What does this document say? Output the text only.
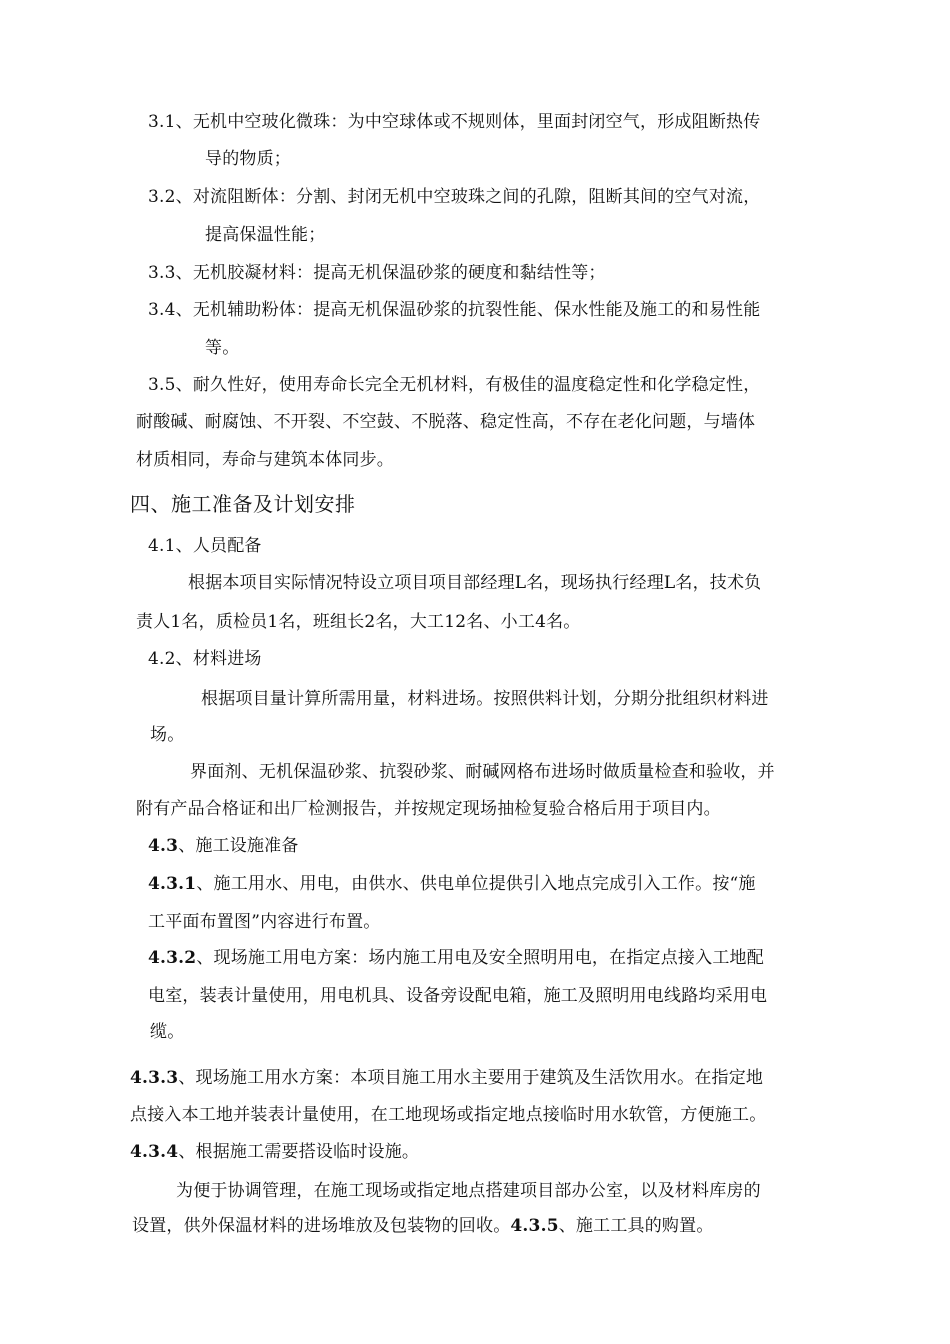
3.1、无机中空玻化微珠：为中空球体或不规则体，里面封闭空气，形成阻断热传
导的物质；
3.2、对流阻断体：分割、封闭无机中空玻珠之间的孔隙，阻断其间的空气对流，
提高保温性能；
3.3、无机胶凝材料：提高无机保温砂浆的硬度和黏结性等；
3.4、无机辅助粉体：提高无机保温砂浆的抗裂性能、保水性能及施工的和易性能
等。
3.5、耐久性好，使用寿命长完全无机材料，有极佳的温度稳定性和化学稳定性，
耐酸碱、耐腐蚀、不开裂、不空鼓、不脱落、稳定性高，不存在老化问题，与墙体
材质相同，寿命与建筑本体同步。
四、施工准备及计划安排
4.1、人员配备
根据本项目实际情况特设立项目项目部经理L名，现场执行经理L名，技术负
责人1名，质检员1名，班组长2名，大工12名、小工4名。
4.2、材料进场
根据项目量计算所需用量，材料进场。按照供料计划，分期分批组织材料进
场。
界面剂、无机保温砂浆、抗裂砂浆、耐碱网格布进场时做质量检查和验收，并
附有产品合格证和出厂检测报告，并按规定现场抽检复验合格后用于项目内。
4.3、施工设施准备
4.3.1、施工用水、用电，由供水、供电单位提供引入地点完成引入工作。按“施
工平面布置图”内容进行布置。
4.3.2、现场施工用电方案：场内施工用电及安全照明用电，在指定点接入工地配
电室，装表计量使用，用电机具、设备旁设配电箱，施工及照明用电线路均采用电
缆。
4.3.3、现场施工用水方案：本项目施工用水主要用于建筑及生活饮用水。在指定地
点接入本工地并装表计量使用，在工地现场或指定地点接临时用水软管，方便施工。
4.3.4、根据施工需要搭设临时设施。
为便于协调管理，在施工现场或指定地点搭建项目部办公室，以及材料库房的
设置，供外保温材料的进场堆放及包装物的回收。4.3.5、施工工具的购置。
